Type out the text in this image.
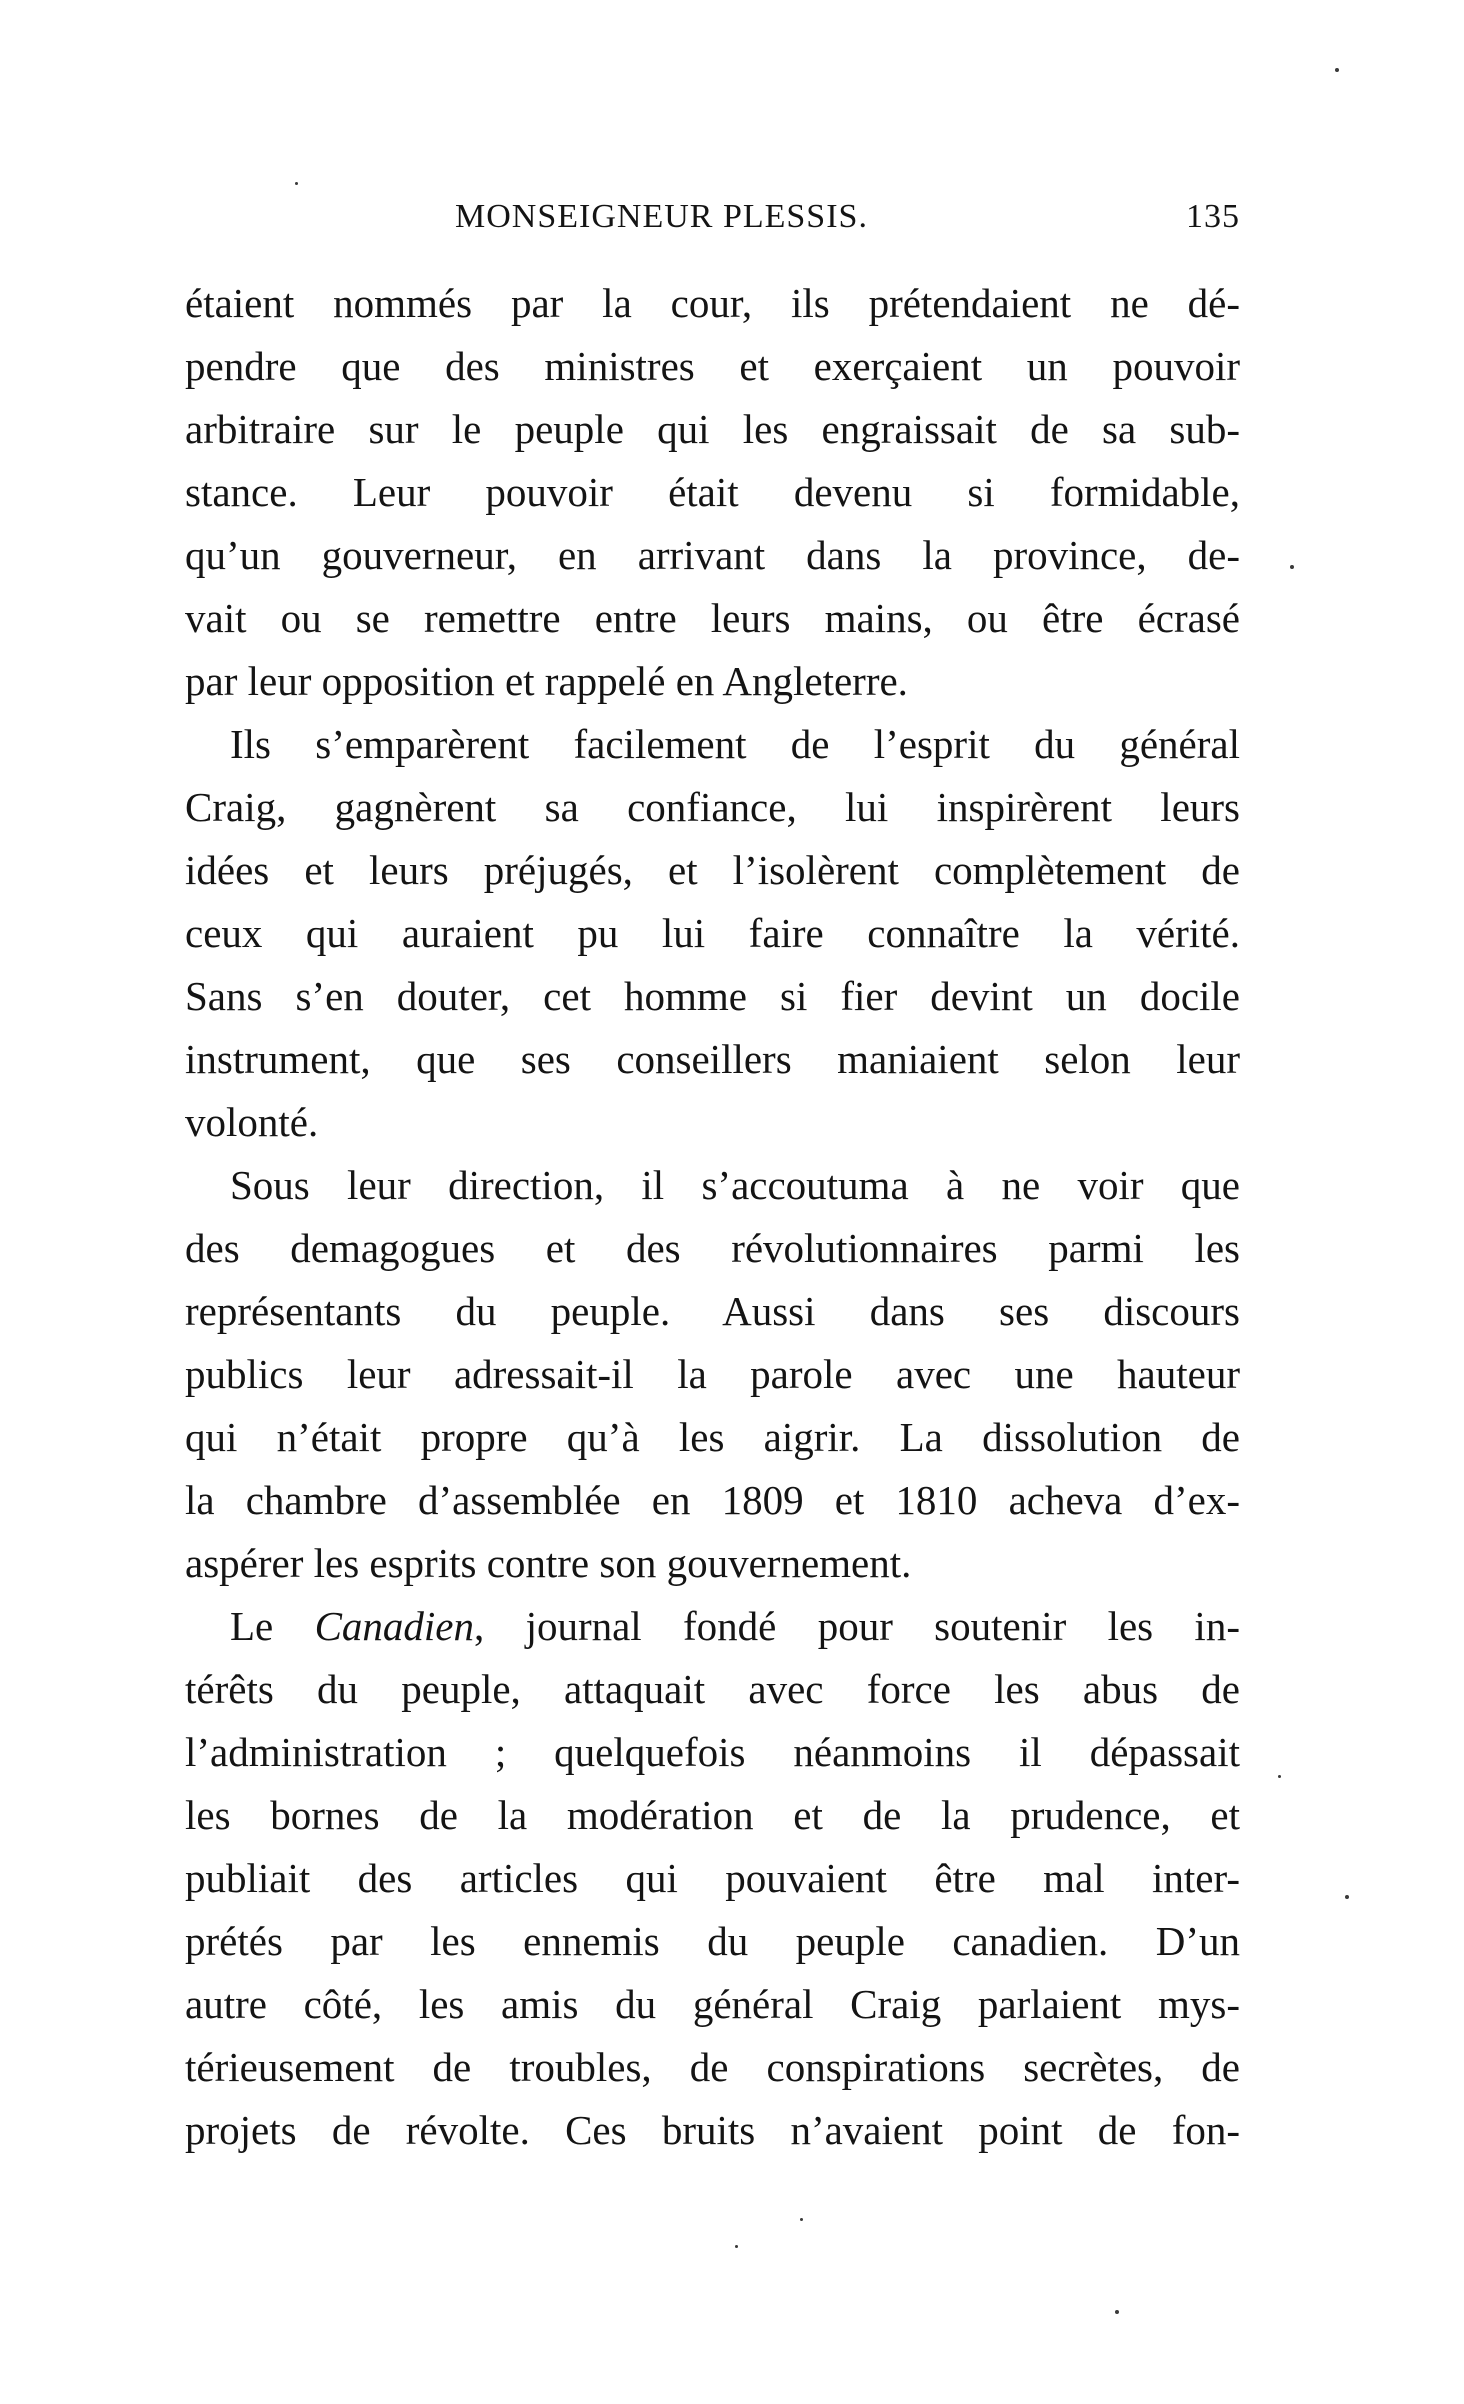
MONSEIGNEUR PLESSIS.	135
étaient nommés par la cour, ils prétendaient ne dé-
pendre que des ministres et exerçaient un pouvoir
arbitraire sur le peuple qui les engraissait de sa sub-
stance. Leur pouvoir était devenu si formidable,
qu’un gouverneur, en arrivant dans la province, de-
vait ou se remettre entre leurs mains, ou être écrasé
par leur opposition et rappelé en Angleterre.
Ils s’emparèrent facilement de l’esprit du général
Craig, gagnèrent sa confiance, lui inspirèrent leurs
idées et leurs préjugés, et l’isolèrent complètement de
ceux qui auraient pu lui faire connaître la vérité.
Sans s’en douter, cet homme si fier devint un docile
instrument, que ses conseillers maniaient selon leur
volonté.
Sous leur direction, il s’accoutuma à ne voir que
des demagogues et des révolutionnaires parmi les
représentants du peuple. Aussi dans ses discours
publics leur adressait-il la parole avec une hauteur
qui n’était propre qu’à les aigrir. La dissolution de
la chambre d’assemblée en 1809 et 1810 acheva d’ex-
aspérer les esprits contre son gouvernement.
Le Canadien, journal fondé pour soutenir les in-
térêts du peuple, attaquait avec force les abus de
l’administration ; quelquefois néanmoins il dépassait
les bornes de la modération et de la prudence, et
publiait des articles qui pouvaient être mal inter-
prétés par les ennemis du peuple canadien. D’un
autre côté, les amis du général Craig parlaient mys-
térieusement de troubles, de conspirations secrètes, de
projets de révolte. Ces bruits n’avaient point de fon-
